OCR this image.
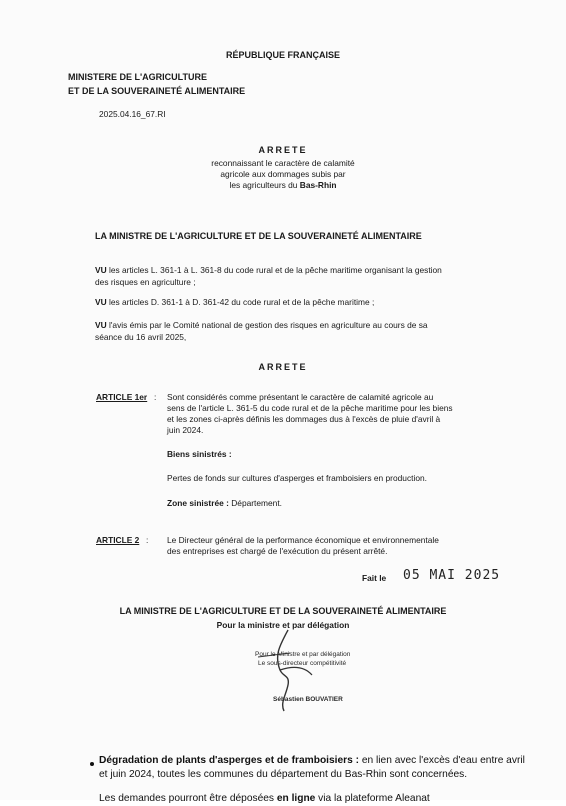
RÉPUBLIQUE FRANÇAISE
MINISTERE DE L'AGRICULTURE
ET DE LA SOUVERAINETÉ ALIMENTAIRE
2025.04.16_67.RI
ARRETE
reconnaissant le caractère de calamité
agricole aux dommages subis par
les agriculteurs du Bas-Rhin
LA MINISTRE DE L'AGRICULTURE ET DE LA SOUVERAINETÉ ALIMENTAIRE
VU les articles L. 361-1 à L. 361-8 du code rural et de la pêche maritime organisant la gestion
des risques en agriculture ;
VU les articles D. 361-1 à D. 361-42 du code rural et de la pêche maritime ;
VU l'avis émis par le Comité national de gestion des risques en agriculture au cours de sa
séance du 16 avril 2025,
ARRETE
ARTICLE 1er : Sont considérés comme présentant le caractère de calamité agricole au
sens de l'article L. 361-5 du code rural et de la pêche maritime pour les biens
et les zones ci-après définis les dommages dus à l'excès de pluie d'avril à
juin 2024.
Biens sinistrés :
Pertes de fonds sur cultures d'asperges et framboisiers en production.
Zone sinistrée : Département.
ARTICLE 2 : Le Directeur général de la performance économique et environnementale
des entreprises est chargé de l'exécution du présent arrêté.
Fait le 05 MAI 2025
LA MINISTRE DE L'AGRICULTURE ET DE LA SOUVERAINETÉ ALIMENTAIRE
Pour la ministre et par délégation
Pour le Ministre et par délégation
Le sous-directeur compétitivité
Sébastien BOUVATIER
Dégradation de plants d'asperges et de framboisiers : en lien avec l'excès d'eau entre avril
et juin 2024, toutes les communes du département du Bas-Rhin sont concernées.
Les demandes pourront être déposées en ligne via la plateforme Aleanat
